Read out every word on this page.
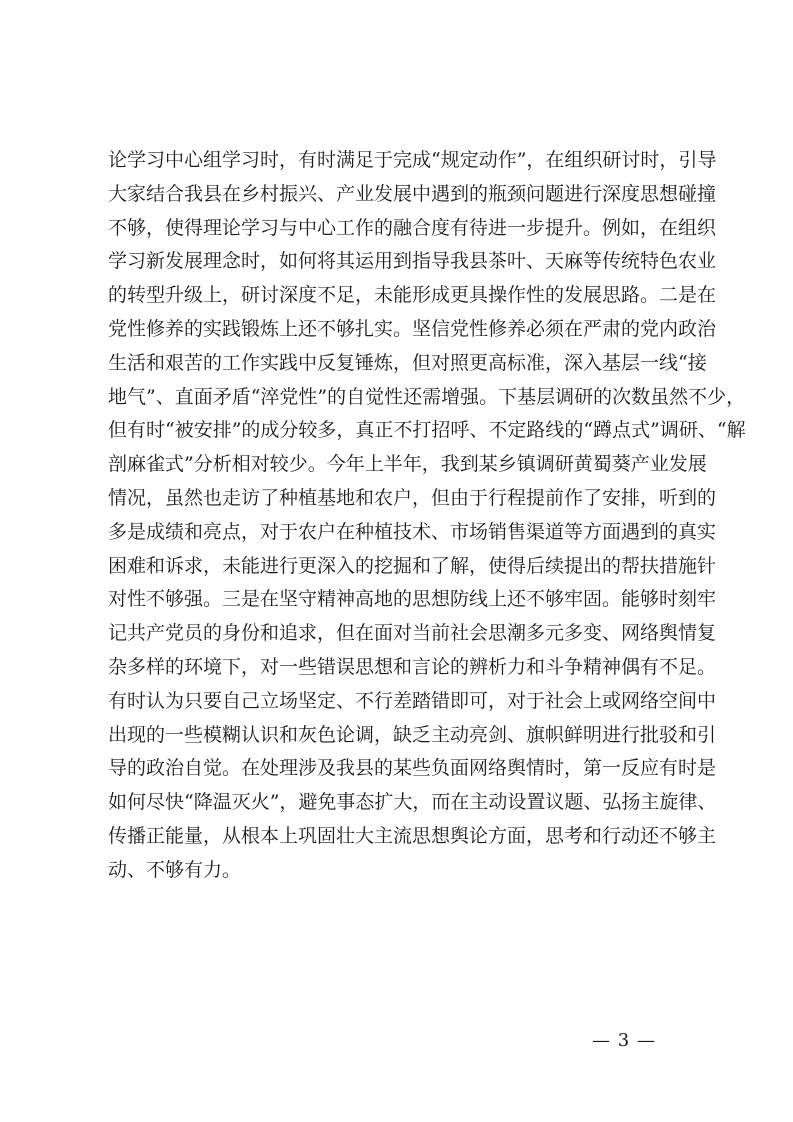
论学习中心组学习时，有时满足于完成“规定动作”，在组织研讨时，引导
大家结合我县在乡村振兴、产业发展中遇到的瓶颈问题进行深度思想碰撞
不够，使得理论学习与中心工作的融合度有待进一步提升。例如，在组织
学习新发展理念时，如何将其运用到指导我县茶叶、天麻等传统特色农业
的转型升级上，研讨深度不足，未能形成更具操作性的发展思路。二是在
党性修养的实践锻炼上还不够扎实。坚信党性修养必须在严肃的党内政治
生活和艰苦的工作实践中反复锤炼，但对照更高标准，深入基层一线“接
地气”、直面矛盾“淬党性”的自觉性还需增强。下基层调研的次数虽然不少，
但有时“被安排”的成分较多，真正不打招呼、不定路线的“蹲点式”调研、“解
剖麻雀式”分析相对较少。今年上半年，我到某乡镇调研黄蜀葵产业发展
情况，虽然也走访了种植基地和农户，但由于行程提前作了安排，听到的
多是成绩和亮点，对于农户在种植技术、市场销售渠道等方面遇到的真实
困难和诉求，未能进行更深入的挖掘和了解，使得后续提出的帮扶措施针
对性不够强。三是在坚守精神高地的思想防线上还不够牢固。能够时刻牢
记共产党员的身份和追求，但在面对当前社会思潮多元多变、网络舆情复
杂多样的环境下，对一些错误思想和言论的辨析力和斗争精神偶有不足。
有时认为只要自己立场坚定、不行差踏错即可，对于社会上或网络空间中
出现的一些模糊认识和灰色论调，缺乏主动亮剑、旗帜鲜明进行批驳和引
导的政治自觉。在处理涉及我县的某些负面网络舆情时，第一反应有时是
如何尽快“降温灭火”，避免事态扩大，而在主动设置议题、弘扬主旋律、
传播正能量，从根本上巩固壮大主流思想舆论方面，思考和行动还不够主
动、不够有力。
— 3 —
